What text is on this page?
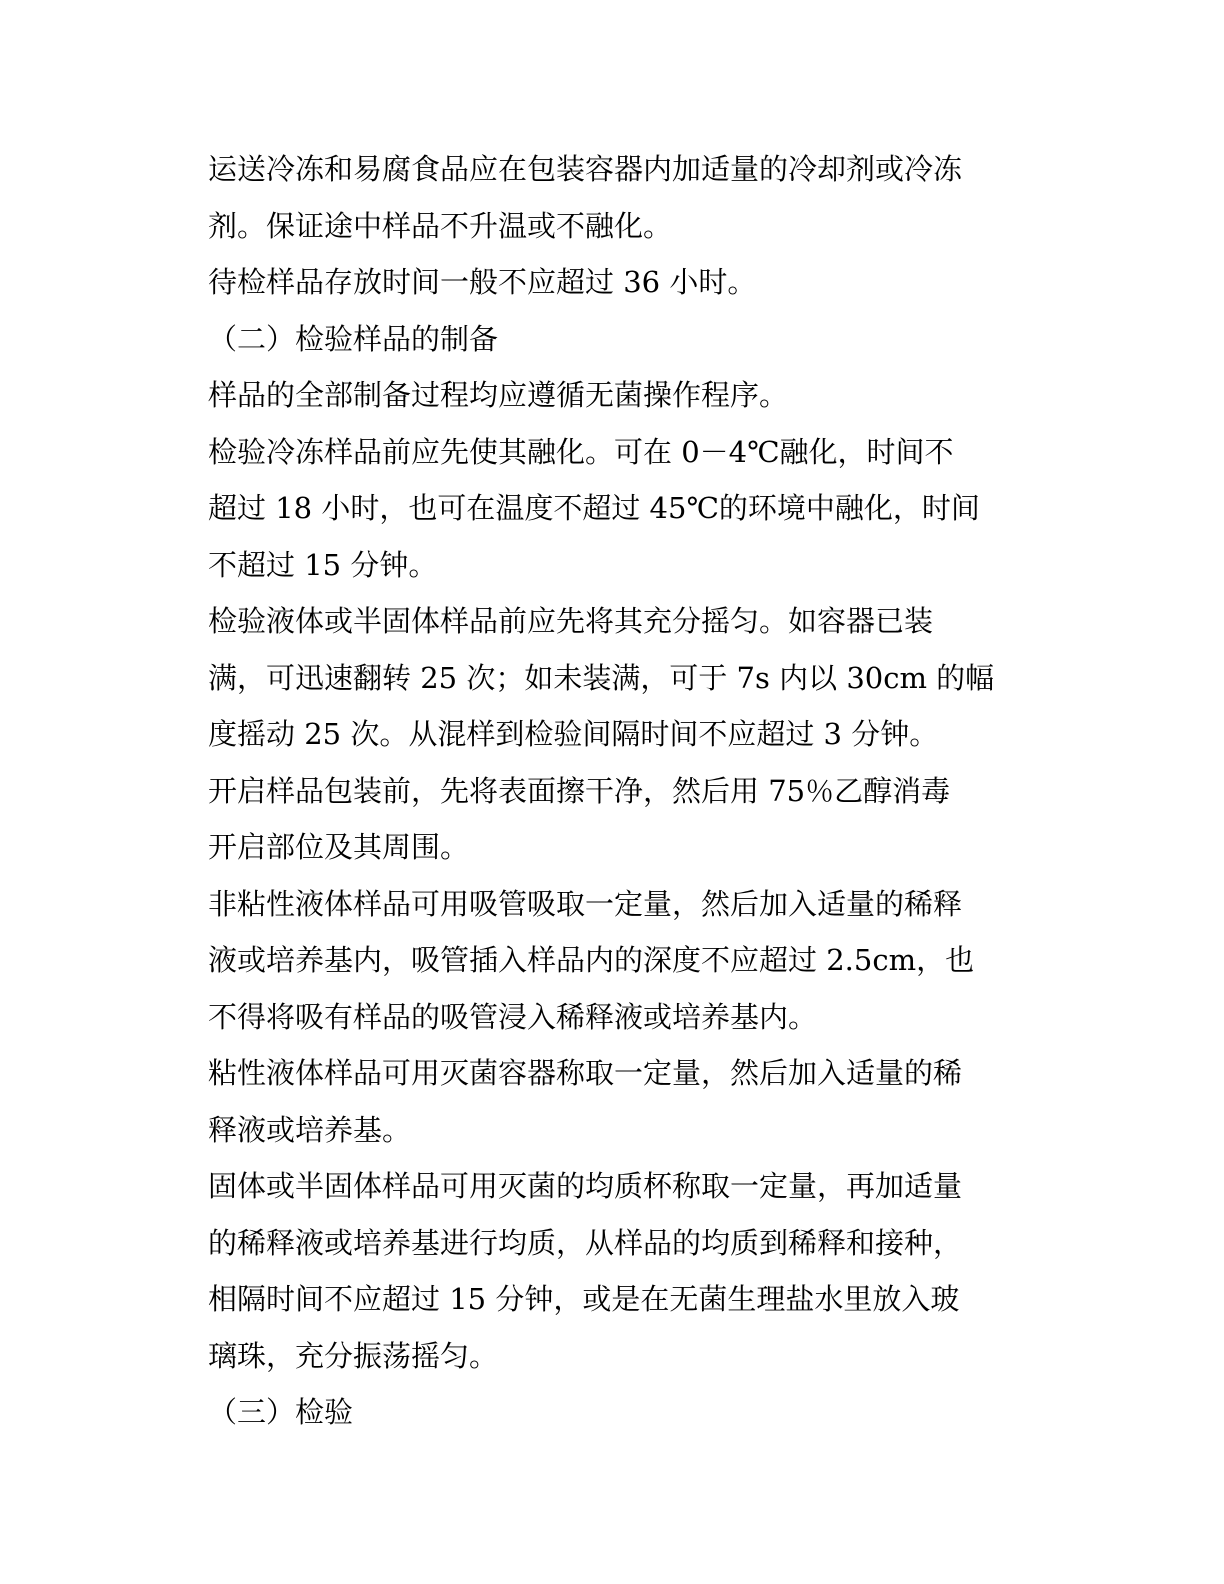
运送冷冻和易腐食品应在包装容器内加适量的冷却剂或冷冻
剂。保证途中样品不升温或不融化。
待检样品存放时间一般不应超过 36 小时。
（二）检验样品的制备
样品的全部制备过程均应遵循无菌操作程序。
检验冷冻样品前应先使其融化。可在 0－4℃融化，时间不
超过 18 小时，也可在温度不超过 45℃的环境中融化，时间
不超过 15 分钟。
检验液体或半固体样品前应先将其充分摇匀。如容器已装
满，可迅速翻转 25 次；如未装满，可于 7s 内以 30cm 的幅
度摇动 25 次。从混样到检验间隔时间不应超过 3 分钟。
开启样品包装前，先将表面擦干净，然后用 75％乙醇消毒
开启部位及其周围。
非粘性液体样品可用吸管吸取一定量，然后加入适量的稀释
液或培养基内，吸管插入样品内的深度不应超过 2.5cm，也
不得将吸有样品的吸管浸入稀释液或培养基内。
粘性液体样品可用灭菌容器称取一定量，然后加入适量的稀
释液或培养基。
固体或半固体样品可用灭菌的均质杯称取一定量，再加适量
的稀释液或培养基进行均质，从样品的均质到稀释和接种，
相隔时间不应超过 15 分钟，或是在无菌生理盐水里放入玻
璃珠，充分振荡摇匀。
（三）检验
